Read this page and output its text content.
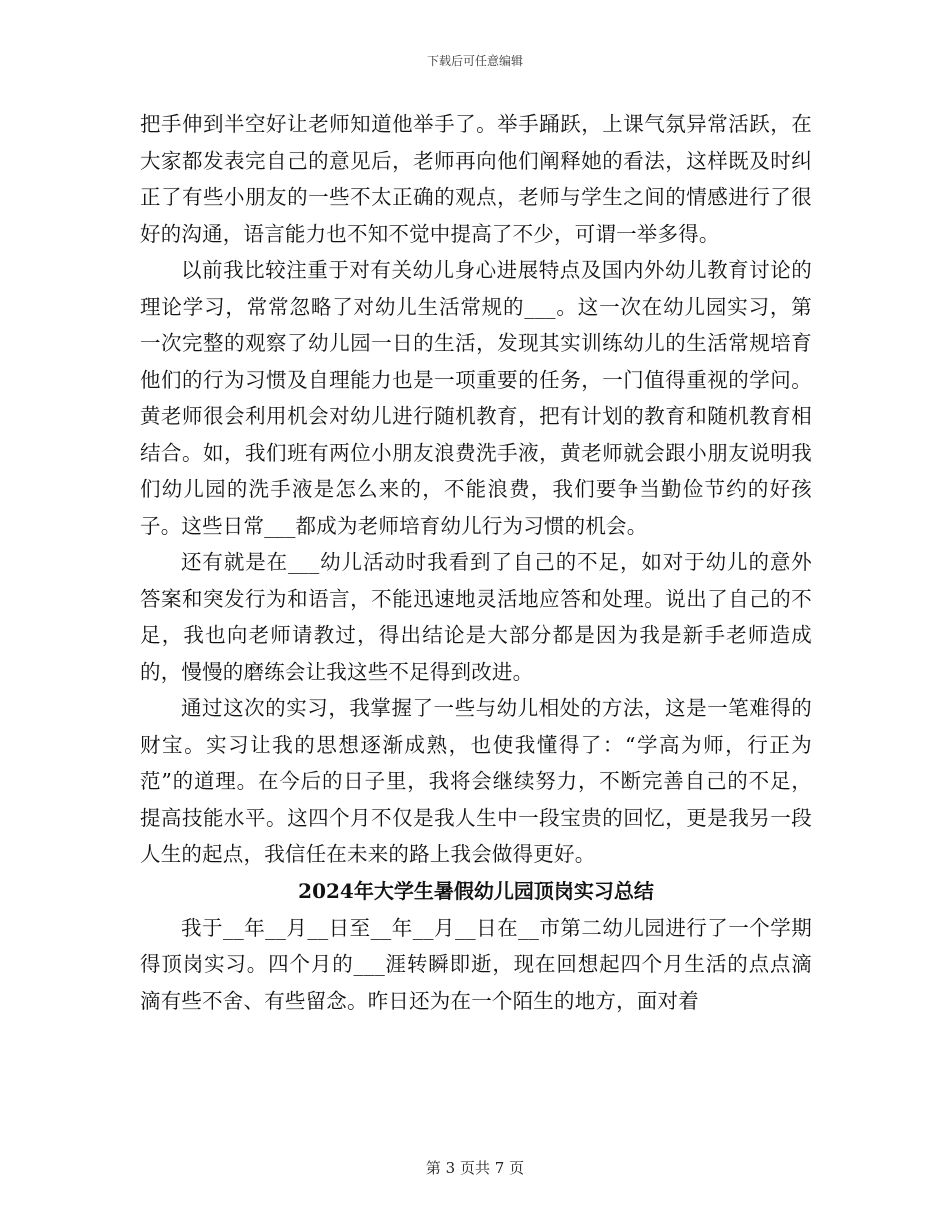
下载后可任意编辑

把手伸到半空好让老师知道他举手了。举手踊跃，上课气氛异常活跃，在大家都发表完自己的意见后，老师再向他们阐释她的看法，这样既及时纠正了有些小朋友的一些不太正确的观点，老师与学生之间的情感进行了很好的沟通，语言能力也不知不觉中提高了不少，可谓一举多得。

以前我比较注重于对有关幼儿身心进展特点及国内外幼儿教育讨论的理论学习，常常忽略了对幼儿生活常规的___。这一次在幼儿园实习，第一次完整的观察了幼儿园一日的生活，发现其实训练幼儿的生活常规培育他们的行为习惯及自理能力也是一项重要的任务，一门值得重视的学问。黄老师很会利用机会对幼儿进行随机教育，把有计划的教育和随机教育相结合。如，我们班有两位小朋友浪费洗手液，黄老师就会跟小朋友说明我们幼儿园的洗手液是怎么来的，不能浪费，我们要争当勤俭节约的好孩子。这些日常___都成为老师培育幼儿行为习惯的机会。

还有就是在___幼儿活动时我看到了自己的不足，如对于幼儿的意外答案和突发行为和语言，不能迅速地灵活地应答和处理。说出了自己的不足，我也向老师请教过，得出结论是大部分都是因为我是新手老师造成的，慢慢的磨练会让我这些不足得到改进。

通过这次的实习，我掌握了一些与幼儿相处的方法，这是一笔难得的财宝。实习让我的思想逐渐成熟，也使我懂得了：“学高为师，行正为范”的道理。在今后的日子里，我将会继续努力，不断完善自己的不足，提高技能水平。这四个月不仅是我人生中一段宝贵的回忆，更是我另一段人生的起点，我信任在未来的路上我会做得更好。

2024年大学生暑假幼儿园顶岗实习总结

我于__年__月__日至__年__月__日在__市第二幼儿园进行了一个学期得顶岗实习。四个月的___涯转瞬即逝，现在回想起四个月生活的点点滴滴有些不舍、有些留念。昨日还为在一个陌生的地方，面对着

第 3 页共 7 页
